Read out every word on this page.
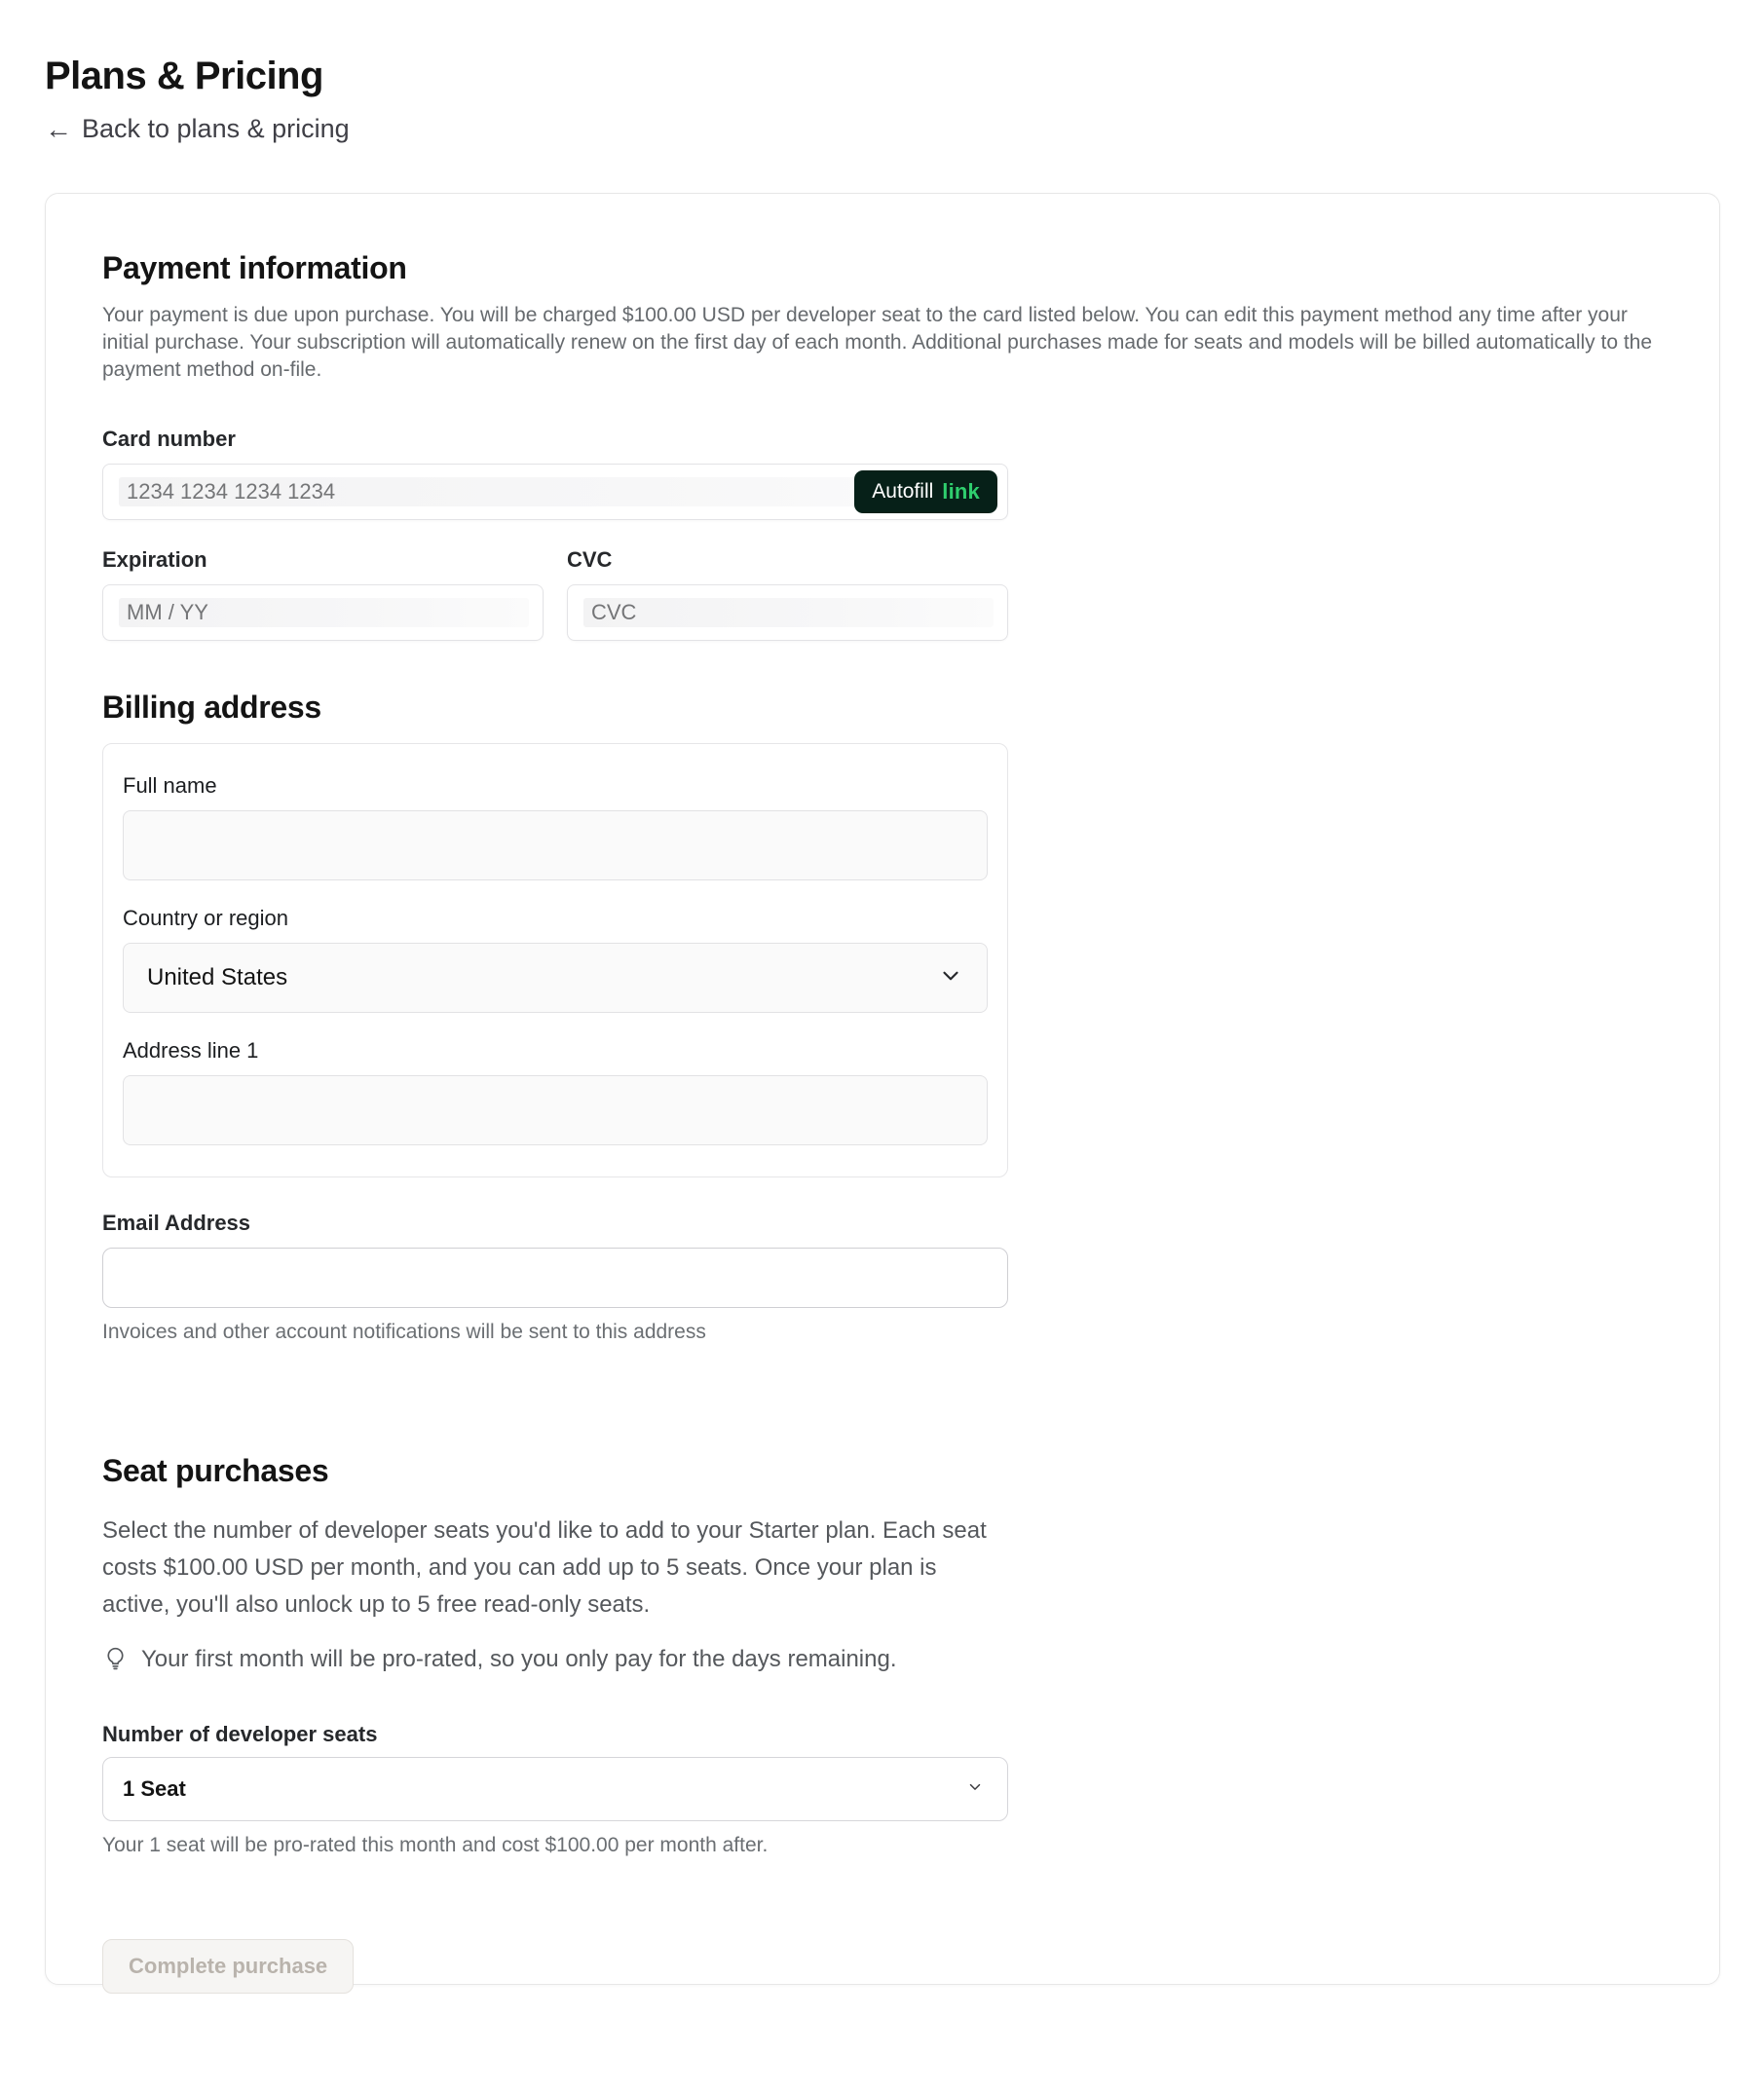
Plans & Pricing
← Back to plans & pricing
Payment information

Your payment is due upon purchase. You will be charged $100.00 USD per developer seat to the card listed below. You can edit this payment method any time after your initial purchase. Your subscription will automatically renew on the first day of each month. Additional purchases made for seats and models will be billed automatically to the payment method on-file.

Card number
1234 1234 1234 1234	Autofill link
Expiration
MM / YY
CVC
CVC
Billing address
Full name
Country or region
United States
Address line 1
Email Address

Invoices and other account notifications will be sent to this address

Seat purchases

Select the number of developer seats you'd like to add to your Starter plan. Each seat costs $100.00 USD per month, and you can add up to 5 seats. Once your plan is active, you'll also unlock up to 5 free read-only seats.

Your first month will be pro-rated, so you only pay for the days remaining.
Number of developer seats
1 Seat

Your 1 seat will be pro-rated this month and cost $100.00 per month after.

Complete purchase
